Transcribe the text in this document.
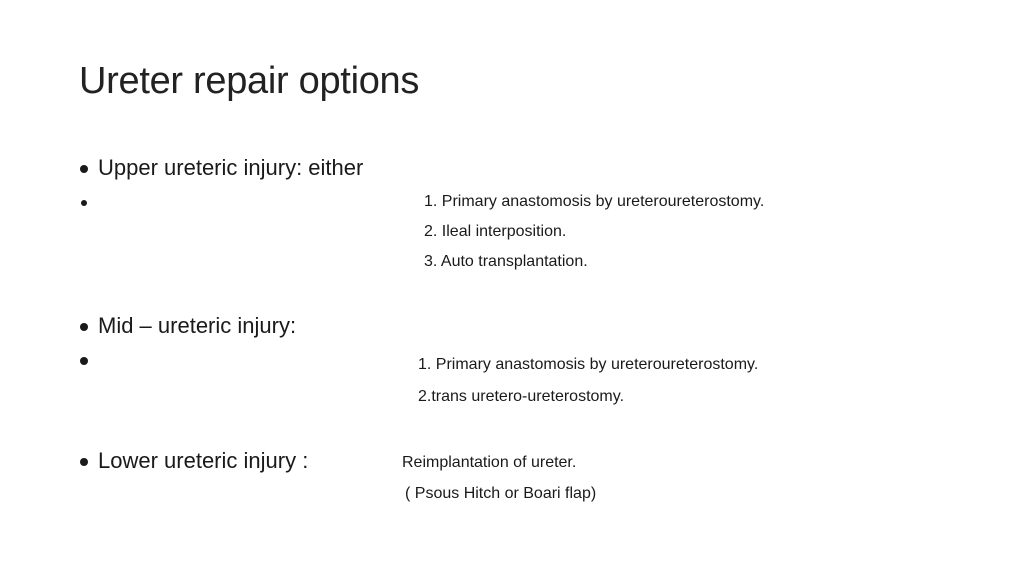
Ureter repair options
Upper ureteric injury: either
1. Primary anastomosis by ureteroureterostomy.
2. Ileal interposition.
3. Auto transplantation.
Mid – ureteric injury:
1. Primary anastomosis by ureteroureterostomy.
2.trans uretero-ureterostomy.
Lower ureteric injury :	Reimplantation of ureter.
( Psous Hitch or Boari flap)
